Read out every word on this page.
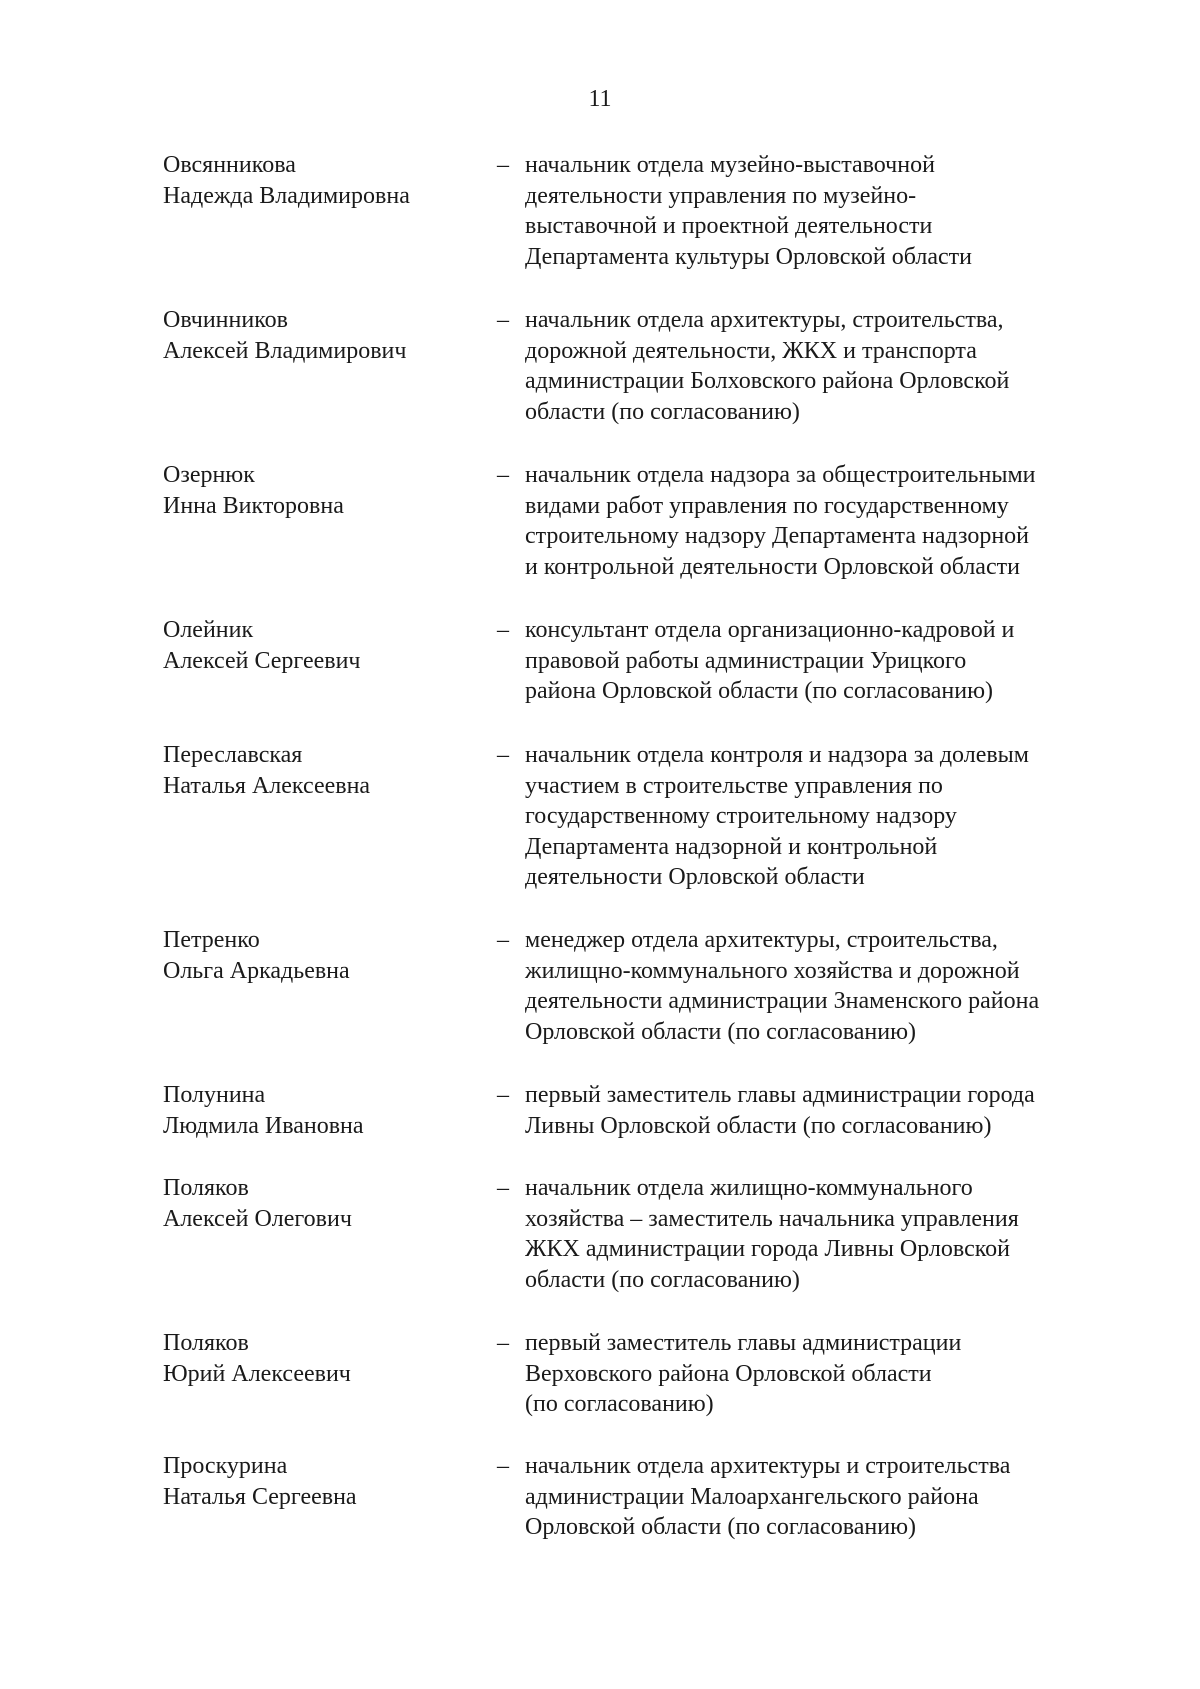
11
Овсянникова
Надежда Владимировна
– начальник отдела музейно-выставочной
деятельности управления по музейно-
выставочной и проектной деятельности
Департамента культуры Орловской области
Овчинников
Алексей Владимирович
– начальник отдела архитектуры, строительства,
дорожной деятельности, ЖКХ и транспорта
администрации Болховского района Орловской
области (по согласованию)
Озернюк
Инна Викторовна
– начальник отдела надзора за общестроительными
видами работ управления по государственному
строительному надзору Департамента надзорной
и контрольной деятельности Орловской области
Олейник
Алексей Сергеевич
– консультант отдела организационно-кадровой и
правовой работы администрации Урицкого
района Орловской области (по согласованию)
Переславская
Наталья Алексеевна
– начальник отдела контроля и надзора за долевым
участием в строительстве управления по
государственному строительному надзору
Департамента надзорной и контрольной
деятельности Орловской области
Петренко
Ольга Аркадьевна
– менеджер отдела архитектуры, строительства,
жилищно-коммунального хозяйства и дорожной
деятельности администрации Знаменского района
Орловской области (по согласованию)
Полунина
Людмила Ивановна
– первый заместитель главы администрации города
Ливны Орловской области (по согласованию)
Поляков
Алексей Олегович
– начальник отдела жилищно-коммунального
хозяйства – заместитель начальника управления
ЖКХ администрации города Ливны Орловской
области (по согласованию)
Поляков
Юрий Алексеевич
– первый заместитель главы администрации
Верховского района Орловской области
(по согласованию)
Проскурина
Наталья Сергеевна
– начальник отдела архитектуры и строительства
администрации Малоархангельского района
Орловской области (по согласованию)
